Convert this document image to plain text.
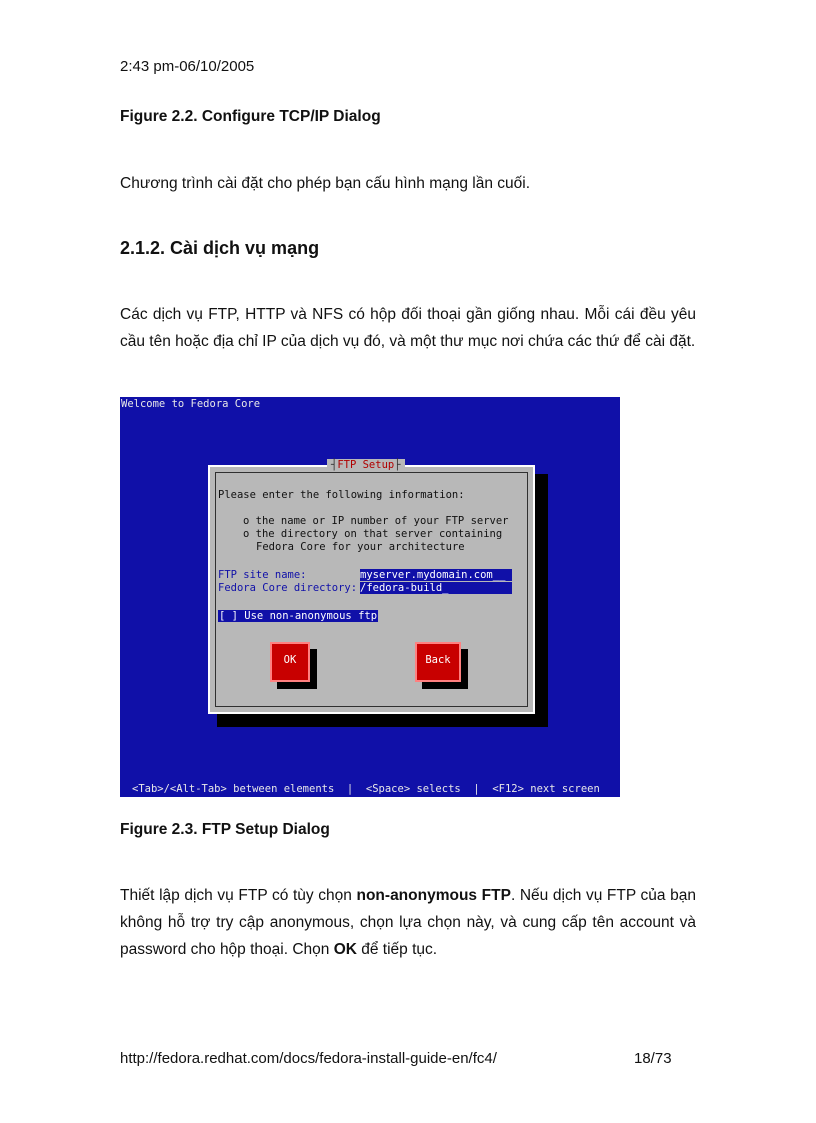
2:43 pm-06/10/2005
Figure 2.2. Configure TCP/IP Dialog
Chương trình cài đặt cho phép bạn cấu hình mạng lần cuối.
2.1.2. Cài dịch vụ mạng
Các dịch vụ FTP, HTTP và NFS có hộp đối thoại gần giống nhau. Mỗi cái đều yêu cầu tên hoặc địa chỉ IP của dịch vụ đó, và một thư mục nơi chứa các thứ để cài đặt.
Welcome to Fedora Core
┤FTP Setup├
Please enter the following information:
o the name or IP number of your FTP server
o the directory on that server containing
Fedora Core for your architecture
FTP site name:	myserver.mydomain.com__
Fedora Core directory: /fedora-build_
[ ] Use non-anonymous ftp
OK	Back
<Tab>/<Alt-Tab> between elements  |  <Space> selects  |  <F12> next screen
Figure 2.3. FTP Setup Dialog
Thiết lập dịch vụ FTP có tùy chọn non-anonymous FTP. Nếu dịch vụ FTP của bạn không hỗ trợ try cập anonymous, chọn lựa chọn này, và cung cấp tên account và password cho hộp thoại. Chọn OK để tiếp tục.
http://fedora.redhat.com/docs/fedora-install-guide-en/fc4/	18/73
